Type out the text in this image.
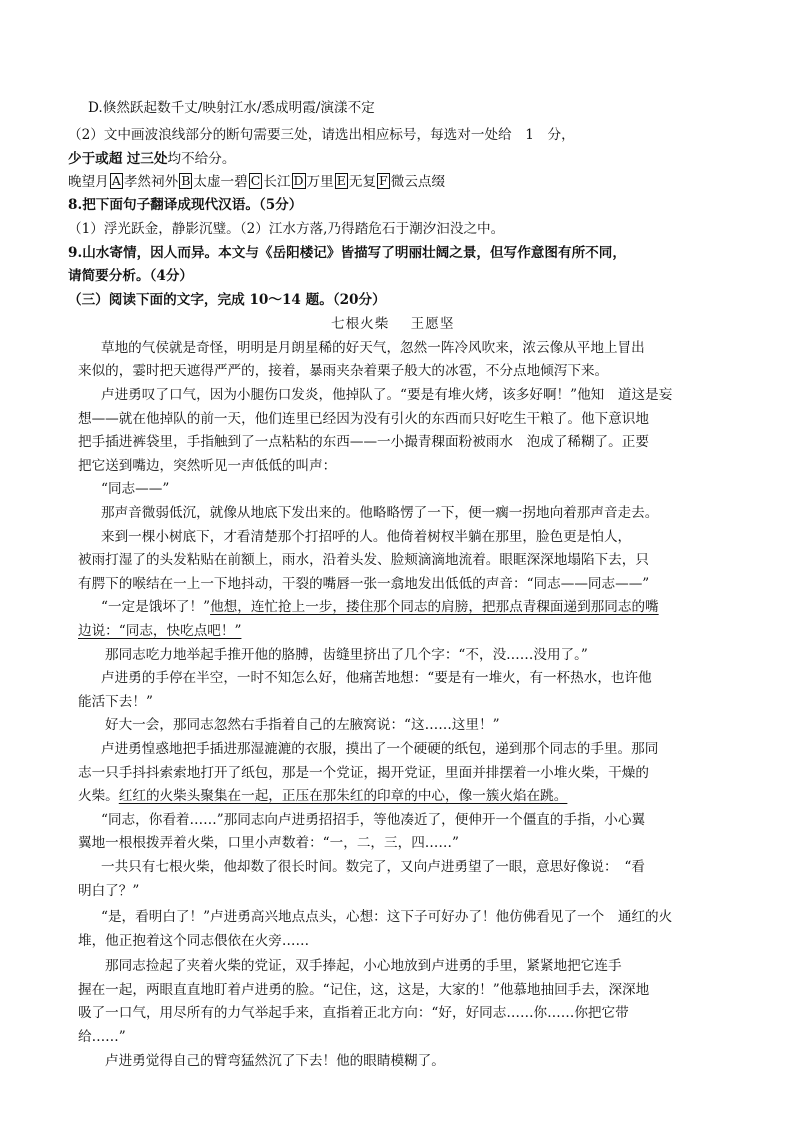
D.倏然跃起数千丈/映射江水/悉成明霞/演漾不定
（2）文中画波浪线部分的断句需要三处，请选出相应标号，每选对一处给　1　分，
少于或超 过三处均不给分。
晚望月 A 孝然祠外 B 太虚一碧 C 长江 D 万里 E 无复 F 微云点缀
8.把下面句子翻译成现代汉语。（5分）
（1）浮光跃金，静影沉璧。（2）江水方落,乃得踏危石于潮汐汩没之中。
9.山水寄情，因人而异。本文与《岳阳楼记》皆描写了明丽壮阔之景，但写作意图有所不同，
请简要分析。（4分）
（三）阅读下面的文字，完成 10～14 题。（20分）
七根火柴 王愿坚
草地的气侯就是奇怪，明明是月朗星稀的好天气，忽然一阵冷风吹来，浓云像从平地上冒出
来似的，霎时把天遮得严严的，接着，暴雨夹杂着栗子般大的冰雹，不分点地倾泻下来。
卢进勇叹了口气，因为小腿伤口发炎，他掉队了。“要是有堆火烤，该多好啊！”他知　道这是妄
想——就在他掉队的前一天，他们连里已经因为没有引火的东西而只好吃生干粮了。他下意识地
把手插进裤袋里，手指触到了一点粘粘的东西——一小撮青稞面粉被雨水　泡成了稀糊了。正要
把它送到嘴边，突然听见一声低低的叫声：
“同志——”
那声音微弱低沉，就像从地底下发出来的。他略略愣了一下，便一瘸一拐地向着那声音走去。
来到一棵小树底下，才看清楚那个打招呼的人。他倚着树杈半躺在那里，脸色更是怕人，
被雨打湿了的头发粘贴在前额上，雨水，沿着头发、脸颊滴滴地流着。眼眶深深地塌陷下去，只
有腭下的喉结在一上一下地抖动，干裂的嘴唇一张一翕地发出低低的声音：“同志——同志——”
“一定是饿坏了！”他想，连忙抢上一步，搂住那个同志的肩膀，把那点青稞面递到那同志的嘴
边说：“同志，快吃点吧！”
那同志吃力地举起手推开他的胳膊，齿缝里挤出了几个字：“不，没……没用了。”
卢进勇的手停在半空，一时不知怎么好，他痛苦地想：“要是有一堆火，有一杯热水，也许他
能活下去！”
好大一会，那同志忽然右手指着自己的左腋窝说：“这……这里！”
卢进勇惶惑地把手插进那湿漉漉的衣服，摸出了一个硬硬的纸包，递到那个同志的手里。那同
志一只手抖抖索索地打开了纸包，那是一个党证，揭开党证，里面并排摆着一小堆火柴，干燥的
火柴。红红的火柴头聚集在一起，正压在那朱红的印章的中心，像一簇火焰在跳。
“同志，你看着……”那同志向卢进勇招招手，等他凑近了，便伸开一个僵直的手指，小心翼
翼地一根根拨弄着火柴，口里小声数着：“一，二，三，四……”
一共只有七根火柴，他却数了很长时间。数完了，又向卢进勇望了一眼，意思好像说：　“看
明白了？”
“是，看明白了！”卢进勇高兴地点点头，心想：这下子可好办了！他仿佛看见了一个　通红的火
堆，他正抱着这个同志偎依在火旁……
那同志捡起了夹着火柴的党证，双手捧起，小心地放到卢进勇的手里，紧紧地把它连手
握在一起，两眼直直地盯着卢进勇的脸。“记住，这，这是，大家的！”他慕地抽回手去，深深地
吸了一口气，用尽所有的力气举起手来，直指着正北方向：“好，好同志……你……你把它带
给……”
卢进勇觉得自己的臂弯猛然沉了下去！他的眼睛模糊了。
